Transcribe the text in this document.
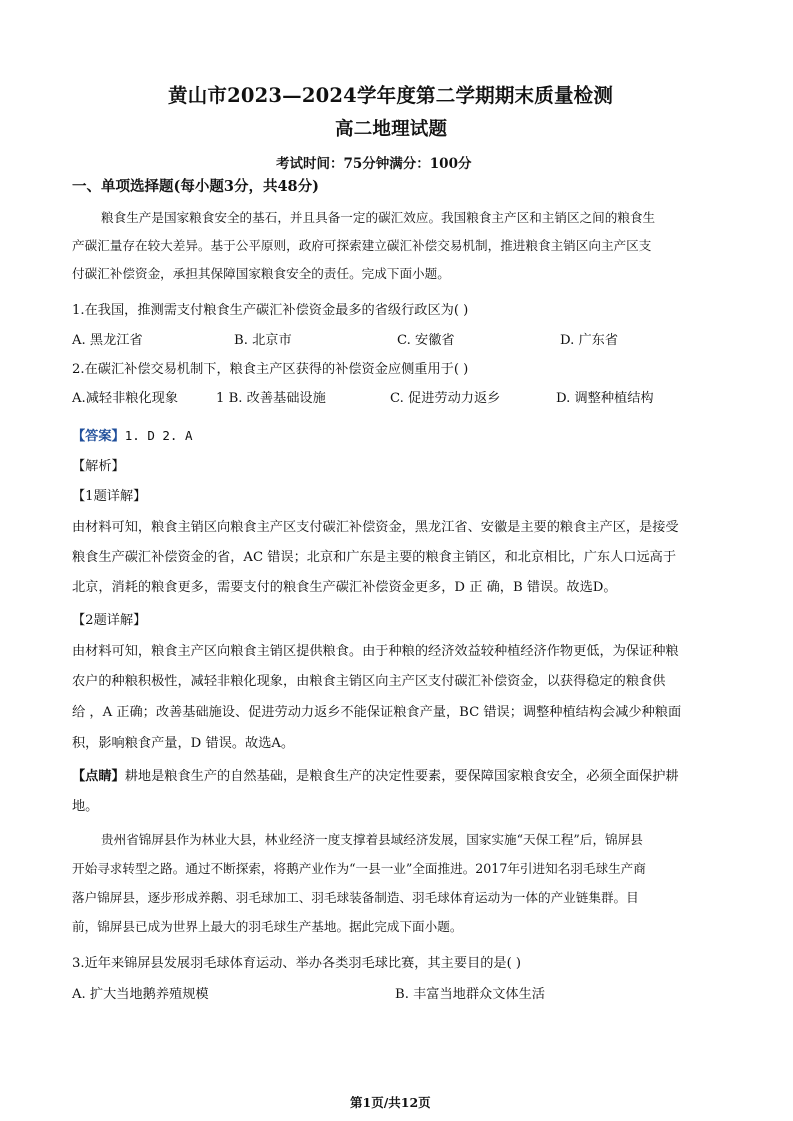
黄山市2023—2024学年度第二学期期末质量检测
高二地理试题
考试时间：75分钟满分：100分
一、单项选择题(每小题3分，共48分)
粮食生产是国家粮食安全的基石，并且具备一定的碳汇效应。我国粮食主产区和主销区之间的粮食生
产碳汇量存在较大差异。基于公平原则，政府可探索建立碳汇补偿交易机制，推进粮食主销区向主产区支
付碳汇补偿资金，承担其保障国家粮食安全的责任。完成下面小题。
1.在我国，推测需支付粮食生产碳汇补偿资金最多的省级行政区为( )
A. 黑龙江省	B. 北京市	C. 安徽省	D. 广东省
2.在碳汇补偿交易机制下，粮食主产区获得的补偿资金应侧重用于( )
A.减轻非粮化现象	1 B. 改善基础设施	C. 促进劳动力返乡	D. 调整种植结构
【答案】1. D 2. A
【解析】
【1题详解】
由材料可知，粮食主销区向粮食主产区支付碳汇补偿资金，黑龙江省、安徽是主要的粮食主产区，是接受
粮食生产碳汇补偿资金的省，AC 错误；北京和广东是主要的粮食主销区，和北京相比，广东人口远高于
北京，消耗的粮食更多，需要支付的粮食生产碳汇补偿资金更多，D 正 确，B 错误。故选D。
【2题详解】
由材料可知，粮食主产区向粮食主销区提供粮食。由于种粮的经济效益较种植经济作物更低，为保证种粮
农户的种粮积极性，减轻非粮化现象，由粮食主销区向主产区支付碳汇补偿资金，以获得稳定的粮食供
给 ，A 正确；改善基础施设、促进劳动力返乡不能保证粮食产量，BC 错误；调整种植结构会减少种粮面
积，影响粮食产量，D 错误。故选A。
【点睛】耕地是粮食生产的自然基础，是粮食生产的决定性要素，要保障国家粮食安全，必须全面保护耕
地。
贵州省锦屏县作为林业大县，林业经济一度支撑着县域经济发展，国家实施“天保工程”后，锦屏县
开始寻求转型之路。通过不断探索，将鹅产业作为“一县一业”全面推进。2017年引进知名羽毛球生产商
落户锦屏县，逐步形成养鹅、羽毛球加工、羽毛球装备制造、羽毛球体育运动为一体的产业链集群。目
前，锦屏县已成为世界上最大的羽毛球生产基地。据此完成下面小题。
3.近年来锦屏县发展羽毛球体育运动、举办各类羽毛球比赛，其主要目的是( )
A. 扩大当地鹅养殖规模	B. 丰富当地群众文体生活
第1页/共12页
